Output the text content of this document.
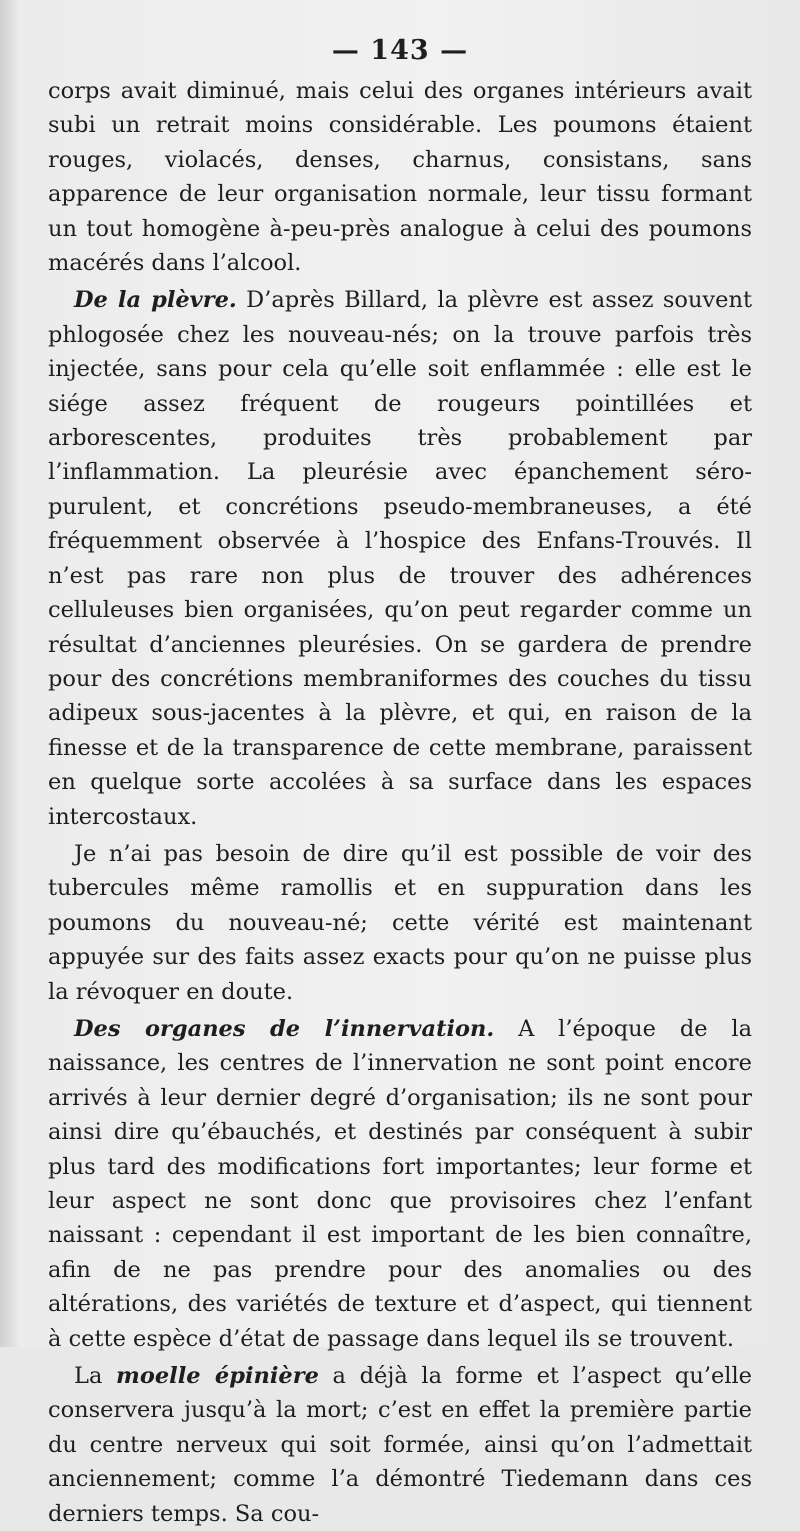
— 143 —

corps avait diminué, mais celui des organes intérieurs avait subi un retrait moins considérable. Les poumons étaient rouges, violacés, denses, charnus, consistans, sans apparence de leur organisation normale, leur tissu formant un tout homogène à-peu-près analogue à celui des poumons macérés dans l’alcool.

De la plèvre. D’après Billard, la plèvre est assez souvent phlogosée chez les nouveau-nés; on la trouve parfois très injectée, sans pour cela qu’elle soit enflammée : elle est le siége assez fréquent de rougeurs pointillées et arborescentes, produites très probablement par l’inflammation. La pleurésie avec épanchement séro-purulent, et concrétions pseudo-membraneuses, a été fréquemment observée à l’hospice des Enfans-Trouvés. Il n’est pas rare non plus de trouver des adhérences celluleuses bien organisées, qu’on peut regarder comme un résultat d’anciennes pleurésies. On se gardera de prendre pour des concrétions membraniformes des couches du tissu adipeux sous-jacentes à la plèvre, et qui, en raison de la finesse et de la transparence de cette membrane, paraissent en quelque sorte accolées à sa surface dans les espaces intercostaux.

Je n’ai pas besoin de dire qu’il est possible de voir des tubercules même ramollis et en suppuration dans les poumons du nouveau-né; cette vérité est maintenant appuyée sur des faits assez exacts pour qu’on ne puisse plus la révoquer en doute.

Des organes de l’innervation. A l’époque de la naissance, les centres de l’innervation ne sont point encore arrivés à leur dernier degré d’organisation; ils ne sont pour ainsi dire qu’ébauchés, et destinés par conséquent à subir plus tard des modifications fort importantes; leur forme et leur aspect ne sont donc que provisoires chez l’enfant naissant : cependant il est important de les bien connaître, afin de ne pas prendre pour des anomalies ou des altérations, des variétés de texture et d’aspect, qui tiennent à cette espèce d’état de passage dans lequel ils se trouvent.

La moelle épinière a déjà la forme et l’aspect qu’elle conservera jusqu’à la mort; c’est en effet la première partie du centre nerveux qui soit formée, ainsi qu’on l’admettait anciennement; comme l’a démontré Tiedemann dans ces derniers temps. Sa cou-
